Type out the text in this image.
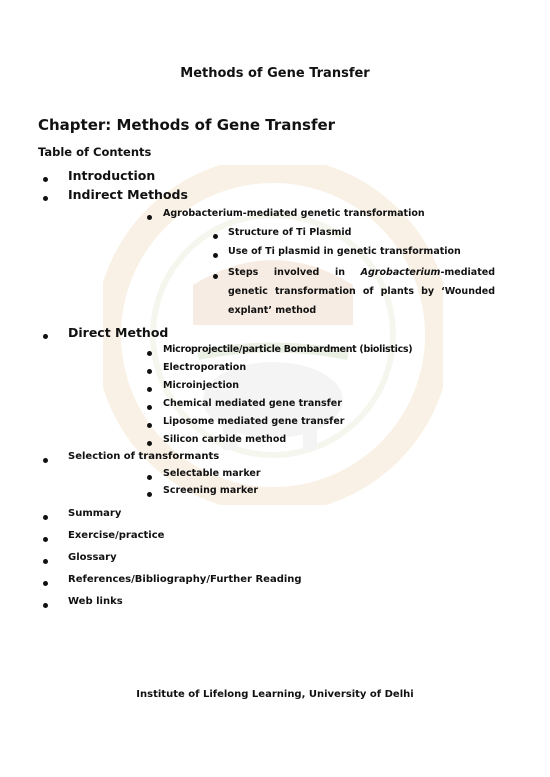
Methods of Gene Transfer
Chapter: Methods of Gene Transfer
Table of Contents
Introduction
Indirect Methods
Agrobacterium-mediated genetic transformation
Structure of Ti Plasmid
Use of Ti plasmid in genetic transformation
Steps involved in Agrobacterium-mediated genetic transformation of plants by ‘Wounded explant’ method
Direct Method
Microprojectile/particle Bombardment (biolistics)
Electroporation
Microinjection
Chemical mediated gene transfer
Liposome mediated gene transfer
Silicon carbide method
Selection of transformants
Selectable marker
Screening marker
Summary
Exercise/practice
Glossary
References/Bibliography/Further Reading
Web links
Institute of Lifelong Learning, University of Delhi
